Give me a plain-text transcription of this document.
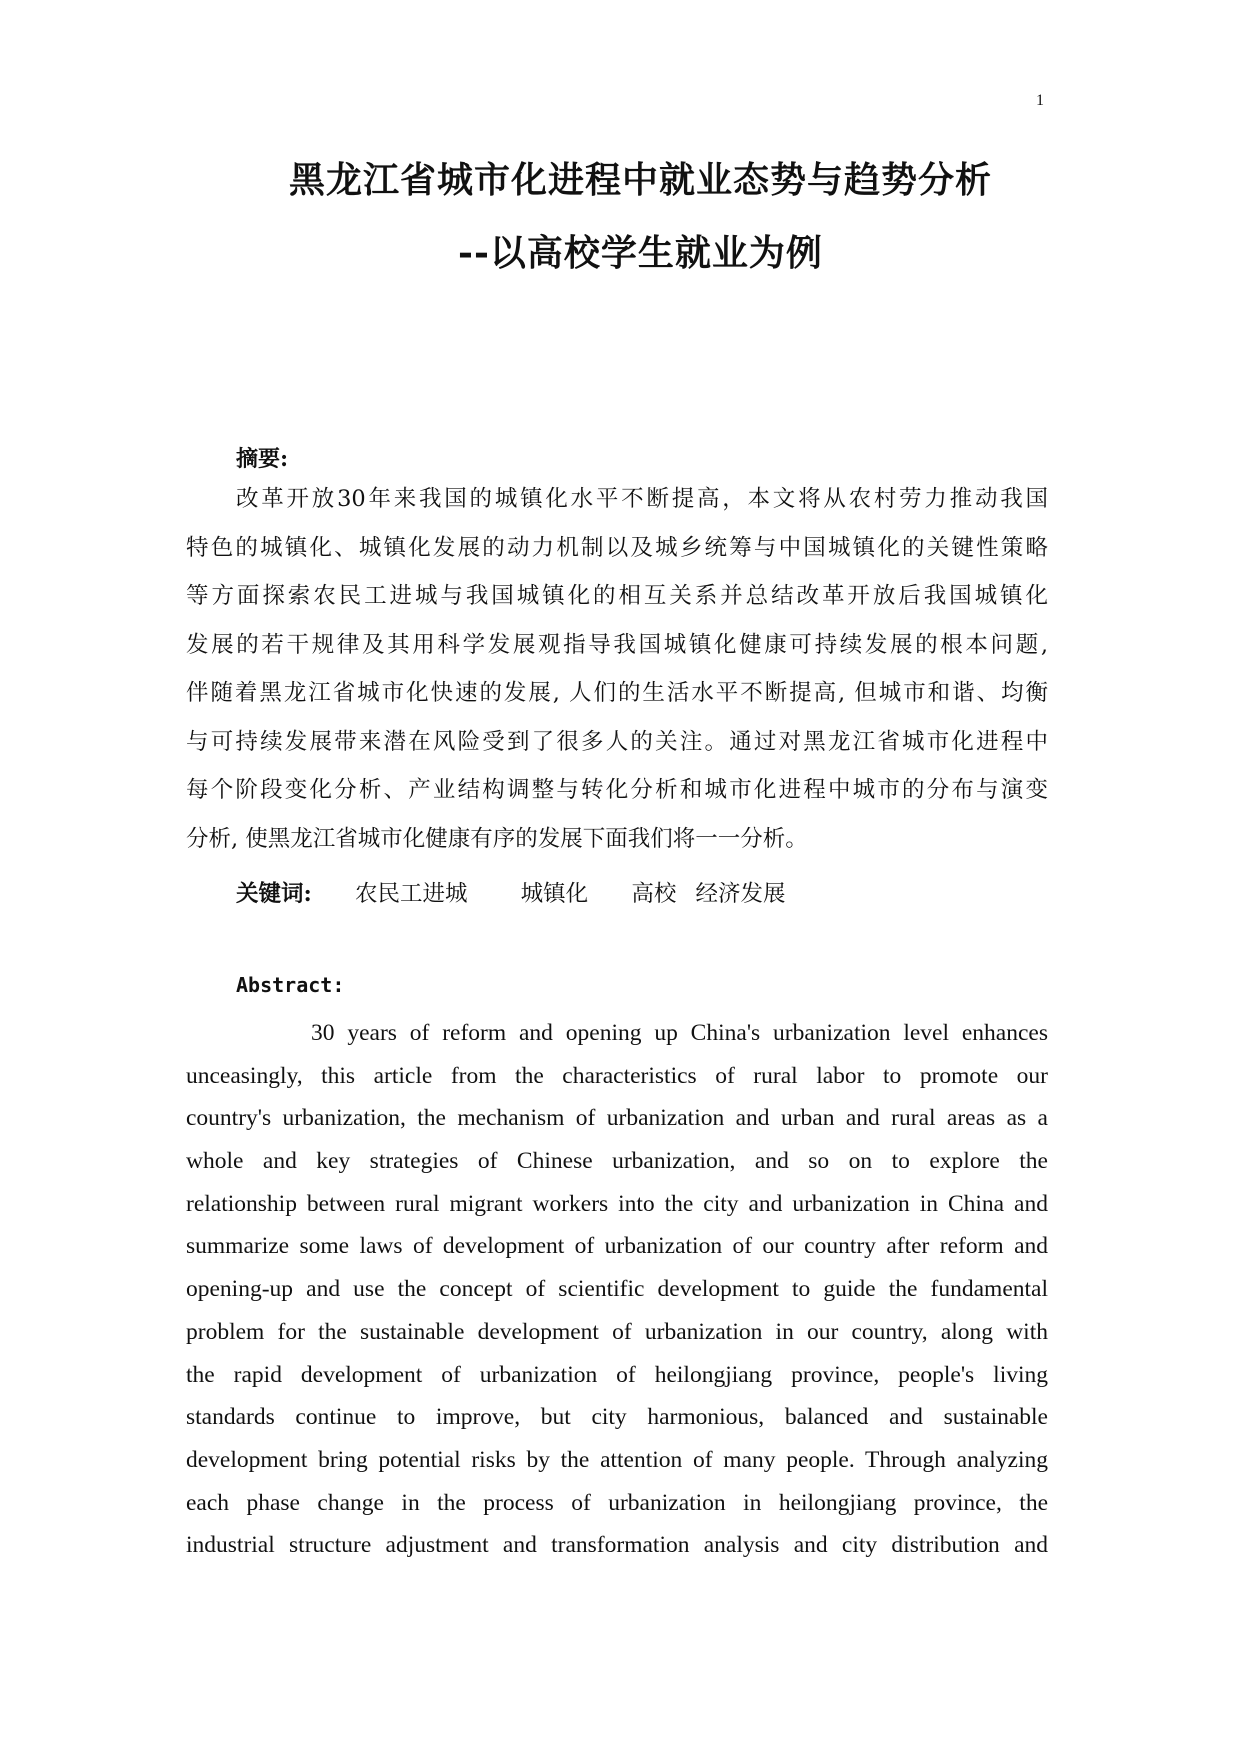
1
黑龙江省城市化进程中就业态势与趋势分析
--以高校学生就业为例
摘要:
改革开放30年来我国的城镇化水平不断提高，本文将从农村劳力推动我国
特色的城镇化、城镇化发展的动力机制以及城乡统筹与中国城镇化的关键性策略
等方面探索农民工进城与我国城镇化的相互关系并总结改革开放后我国城镇化
发展的若干规律及其用科学发展观指导我国城镇化健康可持续发展的根本问题,
伴随着黑龙江省城市化快速的发展, 人们的生活水平不断提高, 但城市和谐、均衡
与可持续发展带来潜在风险受到了很多人的关注。通过对黑龙江省城市化进程中
每个阶段变化分析、产业结构调整与转化分析和城市化进程中城市的分布与演变
分析, 使黑龙江省城市化健康有序的发展下面我们将一一分析。
关键词: 农民工进城 城镇化 高校 经济发展
Abstract:
30 years of reform and opening up China's urbanization level enhances
unceasingly, this article from the characteristics of rural labor to promote our
country's urbanization, the mechanism of urbanization and urban and rural areas as a
whole and key strategies of Chinese urbanization, and so on to explore the
relationship between rural migrant workers into the city and urbanization in China and
summarize some laws of development of urbanization of our country after reform and
opening-up and use the concept of scientific development to guide the fundamental
problem for the sustainable development of urbanization in our country, along with
the rapid development of urbanization of heilongjiang province, people's living
standards continue to improve, but city harmonious, balanced and sustainable
development bring potential risks by the attention of many people. Through analyzing
each phase change in the process of urbanization in heilongjiang province, the
industrial structure adjustment and transformation analysis and city distribution and
